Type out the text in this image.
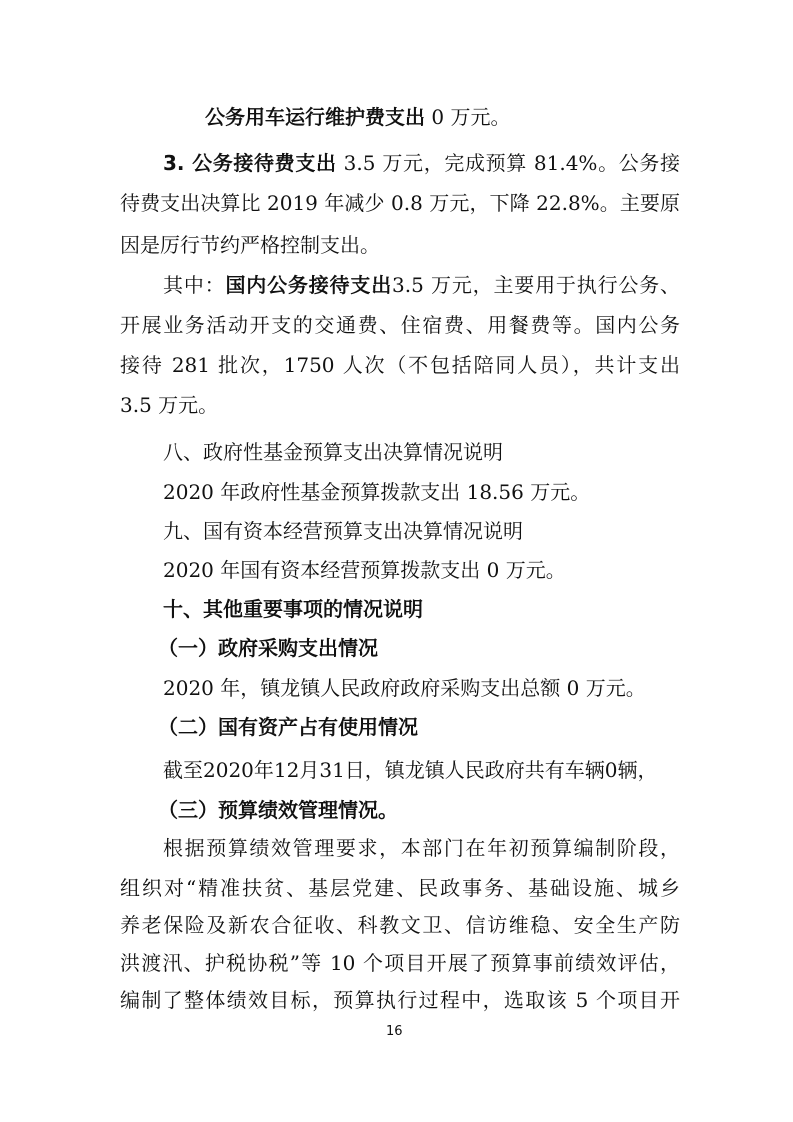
公务用车运行维护费支出 0 万元。
3. 公务接待费支出 3.5 万元，完成预算 81.4%。公务接
待费支出决算比 2019 年减少 0.8 万元，下降 22.8%。主要原
因是厉行节约严格控制支出。
其中：国内公务接待支出3.5 万元，主要用于执行公务、
开展业务活动开支的交通费、住宿费、用餐费等。国内公务
接待 281 批次，1750 人次（不包括陪同人员），共计支出
3.5 万元。
八、政府性基金预算支出决算情况说明
2020 年政府性基金预算拨款支出 18.56 万元。
九、国有资本经营预算支出决算情况说明
2020 年国有资本经营预算拨款支出 0 万元。
十、其他重要事项的情况说明
（一）政府采购支出情况
2020 年，镇龙镇人民政府政府采购支出总额 0 万元。
（二）国有资产占有使用情况
截至2020年12月31日，镇龙镇人民政府共有车辆0辆，
（三）预算绩效管理情况。
根据预算绩效管理要求，本部门在年初预算编制阶段，
组织对“精准扶贫、基层党建、民政事务、基础设施、城乡
养老保险及新农合征收、科教文卫、信访维稳、安全生产防
洪渡汛、护税协税”等 10 个项目开展了预算事前绩效评估，
编制了整体绩效目标，预算执行过程中，选取该 5 个项目开
16
